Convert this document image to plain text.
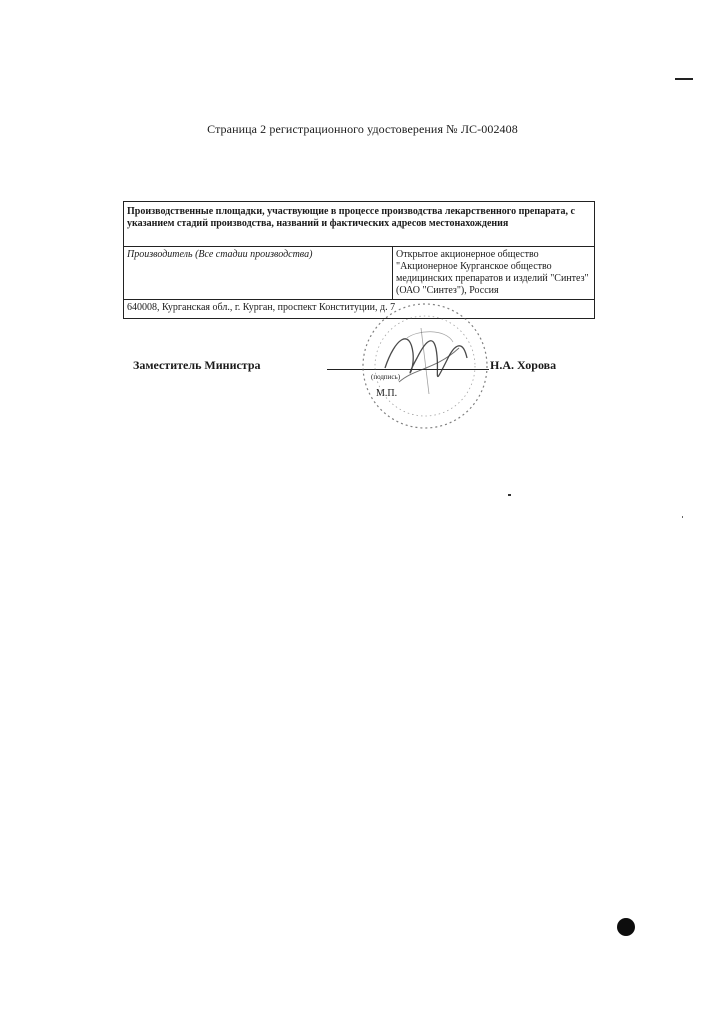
Страница 2 регистрационного удостоверения № ЛС-002408
Производственные площадки, участвующие в процессе производства лекарственного препарата, с указанием стадий производства, названий и фактических адресов местонахождения
Производитель (Все стадии производства)	Открытое акционерное общество "Акционерное Курганское общество медицинских препаратов и изделий "Синтез" (ОАО "Синтез"), Россия
640008, Курганская обл., г. Курган, проспект Конституции, д. 7
Заместитель Министра	Н.А. Хорова
(подпись)
М.П.
